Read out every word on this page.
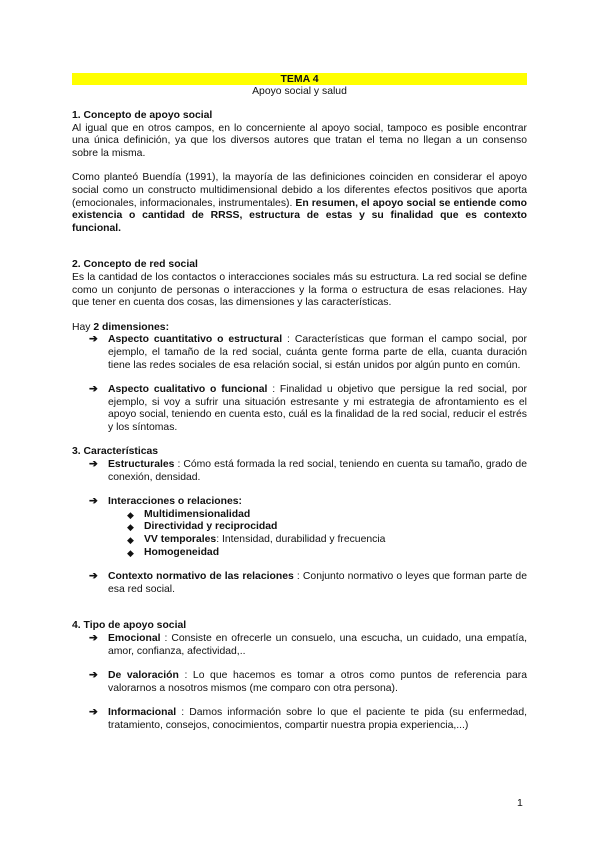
TEMA 4
Apoyo social y salud
1. Concepto de apoyo social

Al igual que en otros campos, en lo concerniente al apoyo social, tampoco es posible encontrar una única definición, ya que los diversos autores que tratan el tema no llegan a un consenso sobre la misma.

Como planteó Buendía (1991), la mayoría de las definiciones coinciden en considerar el apoyo social como un constructo multidimensional debido a los diferentes efectos positivos que aporta (emocionales, informacionales, instrumentales). En resumen, el apoyo social se entiende como existencia o cantidad de RRSS, estructura de estas y su finalidad que es contexto funcional.

2. Concepto de red social

Es la cantidad de los contactos o interacciones sociales más su estructura. La red social se define como un conjunto de personas o interacciones y la forma o estructura de esas relaciones. Hay que tener en cuenta dos cosas, las dimensiones y las características.

Hay 2 dimensiones:

➔ Aspecto cuantitativo o estructural : Características que forman el campo social, por ejemplo, el tamaño de la red social, cuánta gente forma parte de ella, cuanta duración tiene las redes sociales de esa relación social, si están unidos por algún punto en común.
➔ Aspecto cualitativo o funcional : Finalidad u objetivo que persigue la red social, por ejemplo, si voy a sufrir una situación estresante y mi estrategia de afrontamiento es el apoyo social, teniendo en cuenta esto, cuál es la finalidad de la red social, reducir el estrés y los síntomas.
3. Características
➔ Estructurales : Cómo está formada la red social, teniendo en cuenta su tamaño, grado de conexión, densidad.
➔ Interacciones o relaciones:
◆ Multidimensionalidad
◆ Directividad y reciprocidad
◆ VV temporales: Intensidad, durabilidad y frecuencia
◆ Homogeneidad
➔ Contexto normativo de las relaciones : Conjunto normativo o leyes que forman parte de esa red social.
4. Tipo de apoyo social
➔ Emocional : Consiste en ofrecerle un consuelo, una escucha, un cuidado, una empatía, amor, confianza, afectividad,..
➔ De valoración : Lo que hacemos es tomar a otros como puntos de referencia para valorarnos a nosotros mismos (me comparo con otra persona).
➔ Informacional : Damos información sobre lo que el paciente te pida (su enfermedad, tratamiento, consejos, conocimientos, compartir nuestra propia experiencia,...)
1
